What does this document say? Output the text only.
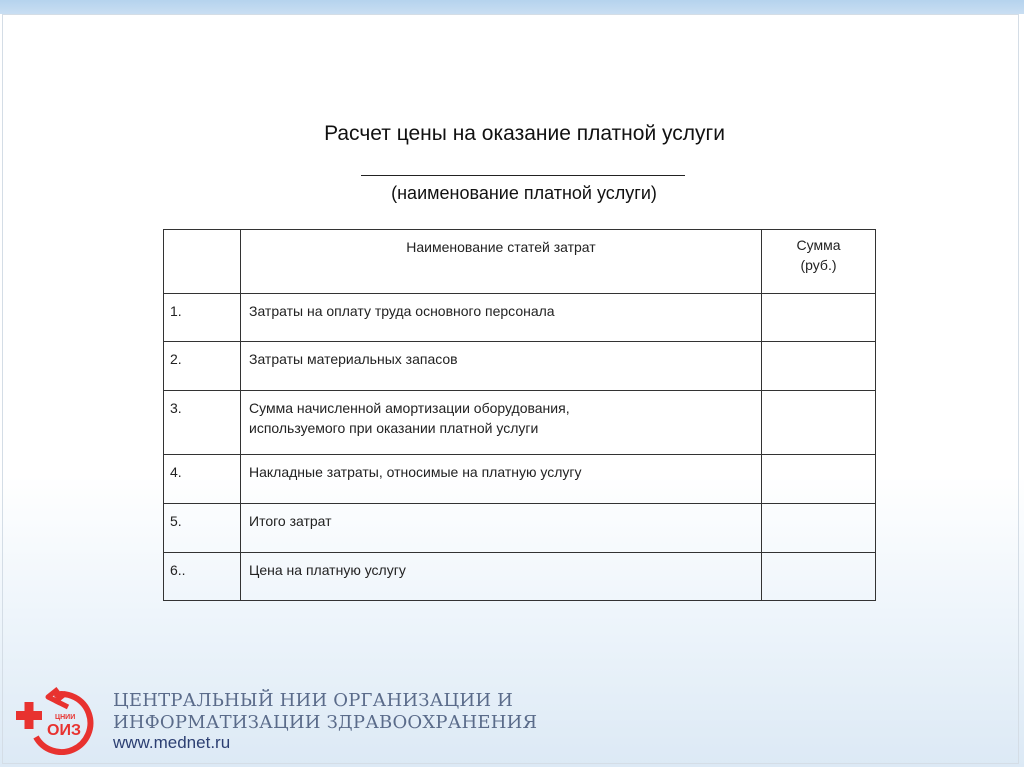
Расчет цены на оказание платной услуги
(наименование платной услуги)
	Наименование статей затрат	Сумма
(руб.)
1.	Затраты на оплату труда основного персонала	
2.	Затраты материальных запасов	
3.	Сумма начисленной амортизации оборудования,
используемого при оказании платной услуги	
4.	Накладные затраты, относимые на платную услугу	
5.	Итого затрат	
6..	Цена на платную услугу	
ЦНИИ
ОИЗ
ЦЕНТРАЛЬНЫЙ НИИ ОРГАНИЗАЦИИ И
ИНФОРМАТИЗАЦИИ ЗДРАВООХРАНЕНИЯ
www.mednet.ru
